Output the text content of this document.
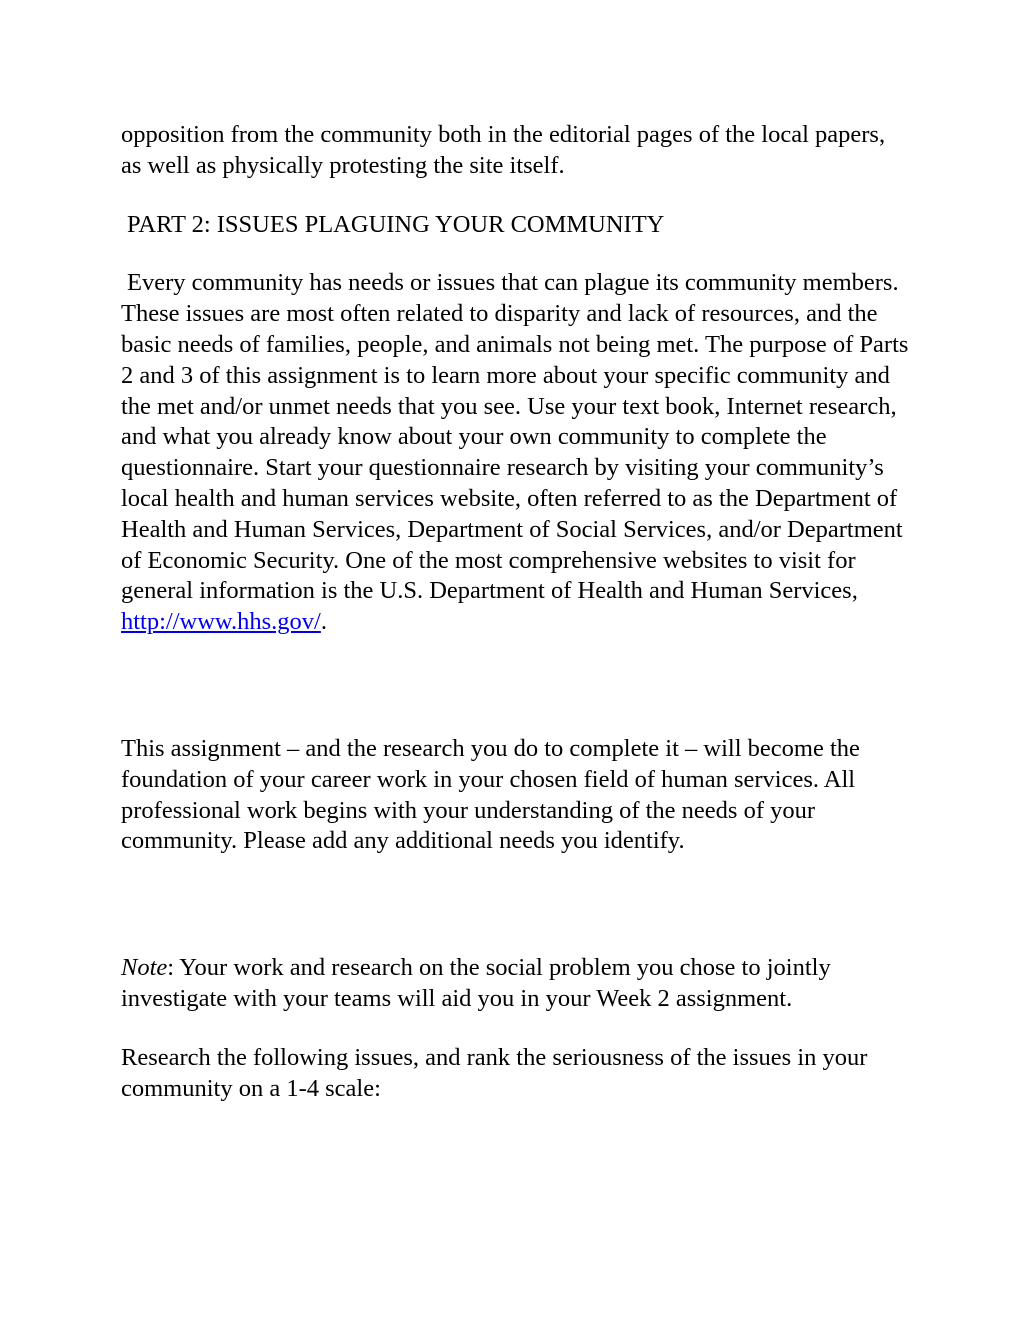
opposition from the community both in the editorial pages of the local papers, as well as physically protesting the site itself.

PART 2: ISSUES PLAGUING YOUR COMMUNITY

Every community has needs or issues that can plague its community members. These issues are most often related to disparity and lack of resources, and the basic needs of families, people, and animals not being met. The purpose of Parts 2 and 3 of this assignment is to learn more about your specific community and the met and/or unmet needs that you see. Use your text book, Internet research, and what you already know about your own community to complete the questionnaire. Start your questionnaire research by visiting your community’s local health and human services website, often referred to as the Department of Health and Human Services, Department of Social Services, and/or Department of Economic Security. One of the most comprehensive websites to visit for general information is the U.S. Department of Health and Human Services, http://www.hhs.gov/.

This assignment – and the research you do to complete it – will become the foundation of your career work in your chosen field of human services. All professional work begins with your understanding of the needs of your community. Please add any additional needs you identify.

Note: Your work and research on the social problem you chose to jointly investigate with your teams will aid you in your Week 2 assignment.

Research the following issues, and rank the seriousness of the issues in your community on a 1-4 scale:
